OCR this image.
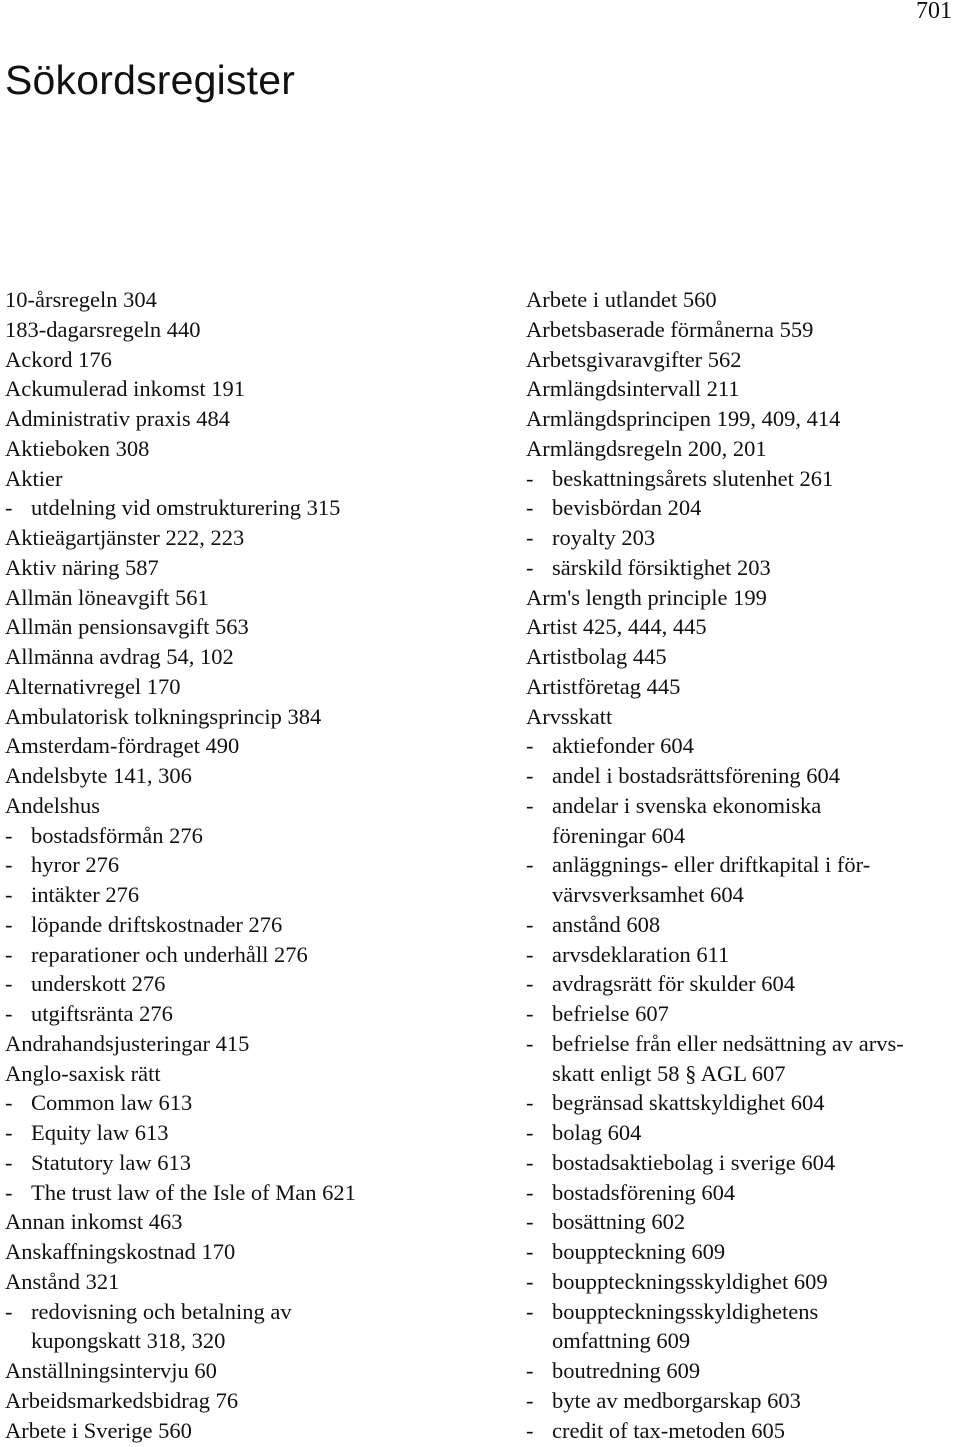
701
Sökordsregister
10-årsregeln 304
183-dagarsregeln 440
Ackord 176
Ackumulerad inkomst 191
Administrativ praxis 484
Aktieboken 308
Aktier
- utdelning vid omstrukturering 315
Aktieägartjänster 222, 223
Aktiv näring 587
Allmän löneavgift 561
Allmän pensionsavgift 563
Allmänna avdrag 54, 102
Alternativregel 170
Ambulatorisk tolkningsprincip 384
Amsterdam-fördraget 490
Andelsbyte 141, 306
Andelshus
- bostadsförmån 276
- hyror 276
- intäkter 276
- löpande driftskostnader 276
- reparationer och underhåll 276
- underskott 276
- utgiftsränta 276
Andrahandsjusteringar 415
Anglo-saxisk rätt
- Common law 613
- Equity law 613
- Statutory law 613
- The trust law of the Isle of Man 621
Annan inkomst 463
Anskaffningskostnad 170
Anstånd 321
- redovisning och betalning av
kupongskatt 318, 320
Anställningsintervju 60
Arbeidsmarkedsbidrag 76
Arbete i Sverige 560
Arbete i utlandet 560
Arbetsbaserade förmånerna 559
Arbetsgivaravgifter 562
Armlängdsintervall 211
Armlängdsprincipen 199, 409, 414
Armlängdsregeln 200, 201
- beskattningsårets slutenhet 261
- bevisbördan 204
- royalty 203
- särskild försiktighet 203
Arm's length principle 199
Artist 425, 444, 445
Artistbolag 445
Artistföretag 445
Arvsskatt
- aktiefonder 604
- andel i bostadsrättsförening 604
- andelar i svenska ekonomiska
föreningar 604
- anläggnings- eller driftkapital i för-
värvsverksamhet 604
- anstånd 608
- arvsdeklaration 611
- avdragsrätt för skulder 604
- befrielse 607
- befrielse från eller nedsättning av arvs-
skatt enligt 58 § AGL 607
- begränsad skattskyldighet 604
- bolag 604
- bostadsaktiebolag i sverige 604
- bostadsförening 604
- bosättning 602
- bouppteckning 609
- bouppteckningsskyldighet 609
- bouppteckningsskyldighetens
omfattning 609
- boutredning 609
- byte av medborgarskap 603
- credit of tax-metoden 605
